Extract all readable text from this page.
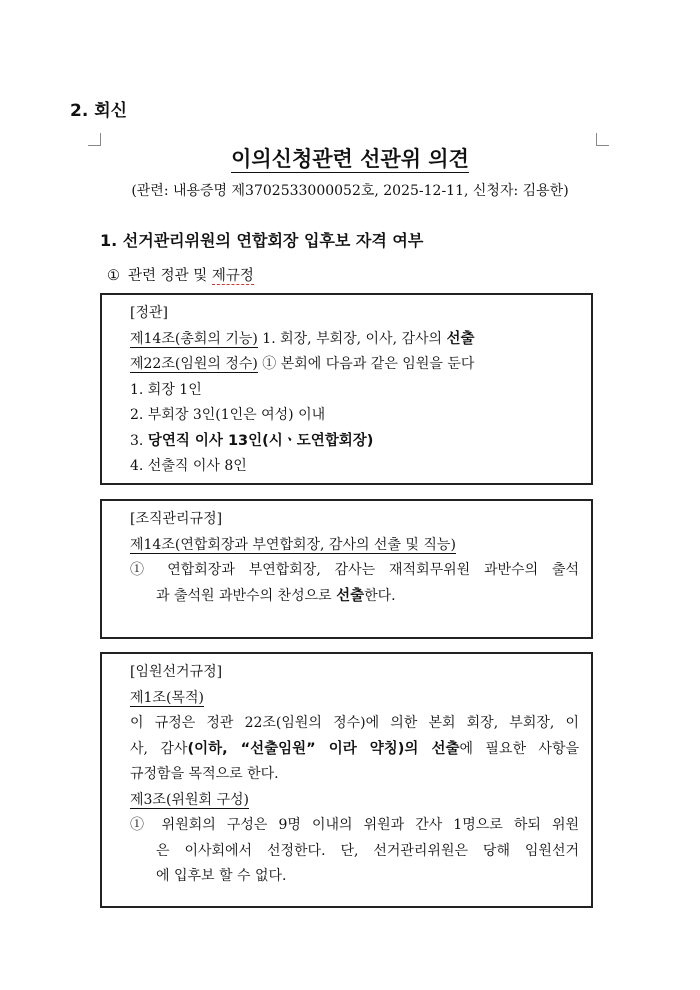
2. 회신
이의신청관련 선관위 의견
(관련: 내용증명 제3702533000052호, 2025-12-11, 신청자: 김용한)
1. 선거관리위원의 연합회장 입후보 자격 여부
① 관련 정관 및 제규정
[정관]
제14조(총회의 기능) 1. 회장, 부회장, 이사, 감사의 선출
제22조(임원의 정수) ① 본회에 다음과 같은 임원을 둔다
1. 회장 1인
2. 부회장 3인(1인은 여성) 이내
3. 당연직 이사 13인(시ㆍ도연합회장)
4. 선출직 이사 8인
[조직관리규정]
제14조(연합회장과 부연합회장, 감사의 선출 및 직능)
① 연합회장과 부연합회장, 감사는 재적회무위원 과반수의 출석
과 출석원 과반수의 찬성으로 선출한다.
[임원선거규정]
제1조(목적)
이 규정은 정관 22조(임원의 정수)에 의한 본회 회장, 부회장, 이
사, 감사(이하, “선출임원” 이라 약칭)의 선출에 필요한 사항을
규정함을 목적으로 한다.
제3조(위원회 구성)
① 위원회의 구성은 9명 이내의 위원과 간사 1명으로 하되 위원
은 이사회에서 선정한다. 단, 선거관리위원은 당해 임원선거
에 입후보 할 수 없다.
